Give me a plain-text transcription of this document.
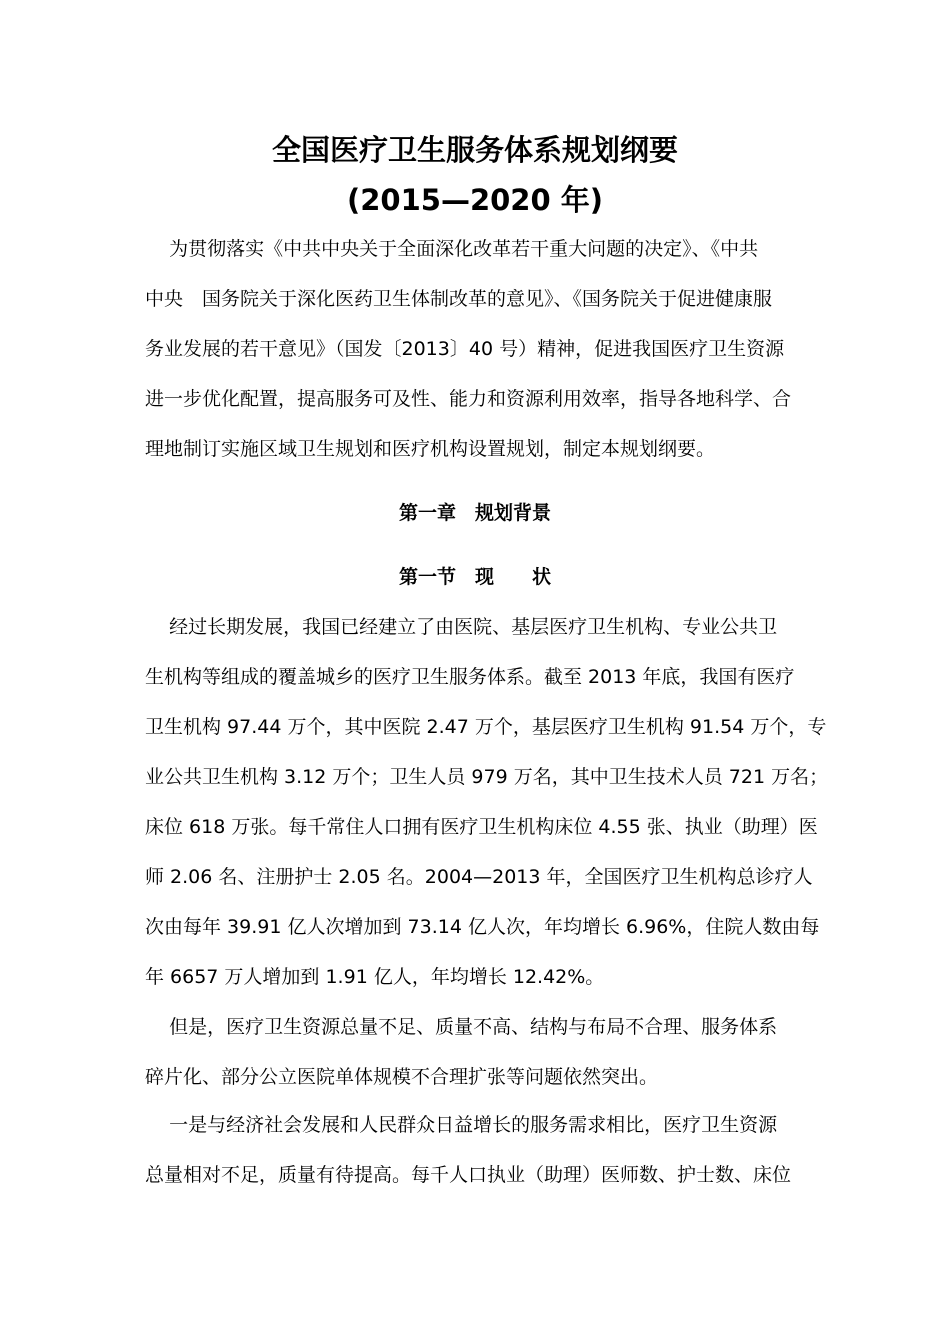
全国医疗卫生服务体系规划纲要
(2015—2020 年)
为贯彻落实《中共中央关于全面深化改革若干重大问题的决定》、《中共
中央　国务院关于深化医药卫生体制改革的意见》、《国务院关于促进健康服
务业发展的若干意见》（国发〔2013〕40 号）精神，促进我国医疗卫生资源
进一步优化配置，提高服务可及性、能力和资源利用效率，指导各地科学、合
理地制订实施区域卫生规划和医疗机构设置规划，制定本规划纲要。
第一章　规划背景
第一节　现　　状
经过长期发展，我国已经建立了由医院、基层医疗卫生机构、专业公共卫
生机构等组成的覆盖城乡的医疗卫生服务体系。截至 2013 年底，我国有医疗
卫生机构 97.44 万个，其中医院 2.47 万个，基层医疗卫生机构 91.54 万个，专
业公共卫生机构 3.12 万个；卫生人员 979 万名，其中卫生技术人员 721 万名；
床位 618 万张。每千常住人口拥有医疗卫生机构床位 4.55 张、执业（助理）医
师 2.06 名、注册护士 2.05 名。2004—2013 年，全国医疗卫生机构总诊疗人
次由每年 39.91 亿人次增加到 73.14 亿人次，年均增长 6.96%，住院人数由每
年 6657 万人增加到 1.91 亿人，年均增长 12.42%。
但是，医疗卫生资源总量不足、质量不高、结构与布局不合理、服务体系
碎片化、部分公立医院单体规模不合理扩张等问题依然突出。
一是与经济社会发展和人民群众日益增长的服务需求相比，医疗卫生资源
总量相对不足，质量有待提高。每千人口执业（助理）医师数、护士数、床位
